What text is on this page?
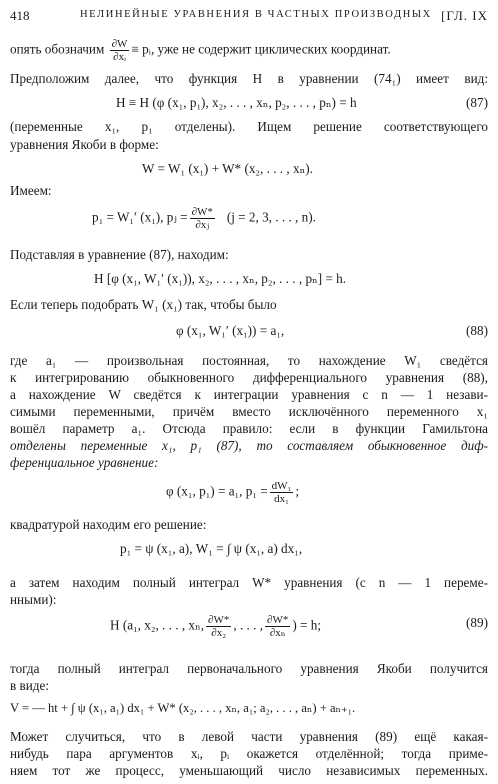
418	НЕЛИНЕЙНЫЕ УРАВНЕНИЯ В ЧАСТНЫХ ПРОИЗВОДНЫХ [ГЛ. IX
опять обозначим $\frac{\partial W}{\text{∂xᵢ}}$ ≡ pᵢ, уже не содержит циклических координат.
Предположим далее, что функция H в уравнении (74₁) имеет вид:
H ≡ H (φ (x₁, p₁), x₂, . . . , xₙ, p₂, . . . , pₙ) = h	(87)
(переменные x₁, p₁ отделены). Ищем решение соответствующего
уравнения Якоби в форме:
W = W₁ (x₁) + W* (x₂, . . . , xₙ).
Имеем:
p₁ = W₁′ (x₁), pⱼ = $\frac{\partial W*}{\text{∂xⱼ}} (j = 2$, 3, . . . , n).
Подставляя в уравнение (87), находим:
H [φ (x₁, W₁′ (x₁)), x₂, . . . , xₙ, p₂, . . . , pₙ] = h.
Если теперь подобрать W₁ (x₁) так, чтобы было
φ (x₁, W₁′ (x₁)) = a₁,	(88)
где a₁ — произвольная постоянная, то нахождение W₁ сведётся
к интегрированию обыкновенного дифференциального уравнения (88),
а нахождение W сведётся к интеграции уравнения с n — 1 незави-
симыми переменными, причём вместо исключённого переменного x₁
вошёл параметр a₁. Отсюда правило: если в функции Гамильтона
отделены переменные x₁, p₁ (87), то составляем обыкновенное диф-
ференциальное уравнение:
φ (x₁, p₁) = a₁, $p_1 = \frac{\text{dW₁}}{\text{dx₁}}$ ;
квадратурой находим его решение:
p₁ = ψ (x₁, a), W₁ = ∫ ψ (x₁, a) dx₁,
а затем находим полный интеграл W* уравнения (с n — 1 переме-
нными):
H (a₁, x₂, . . . , xₙ, $\frac{\partial W*}{\text{∂x₂}}$ , . . . , $\frac{\partial W*}{\text{∂xₙ}}$ ) = h;	(89)
тогда полный интеграл первоначального уравнения Якоби получится
в виде:
V = — ht + ∫ ψ (x₁, a₁) dx₁ + W* (x₂, . . . , xₙ, a₁; a₂, . . . , aₙ) + aₙ₊₁.
Может случиться, что в левой части уравнения (89) ещё какая-
нибудь пара аргументов xᵢ, pᵢ окажется отделённой; тогда приме-
няем тот же процесс, уменьшающий число независимых переменных.
